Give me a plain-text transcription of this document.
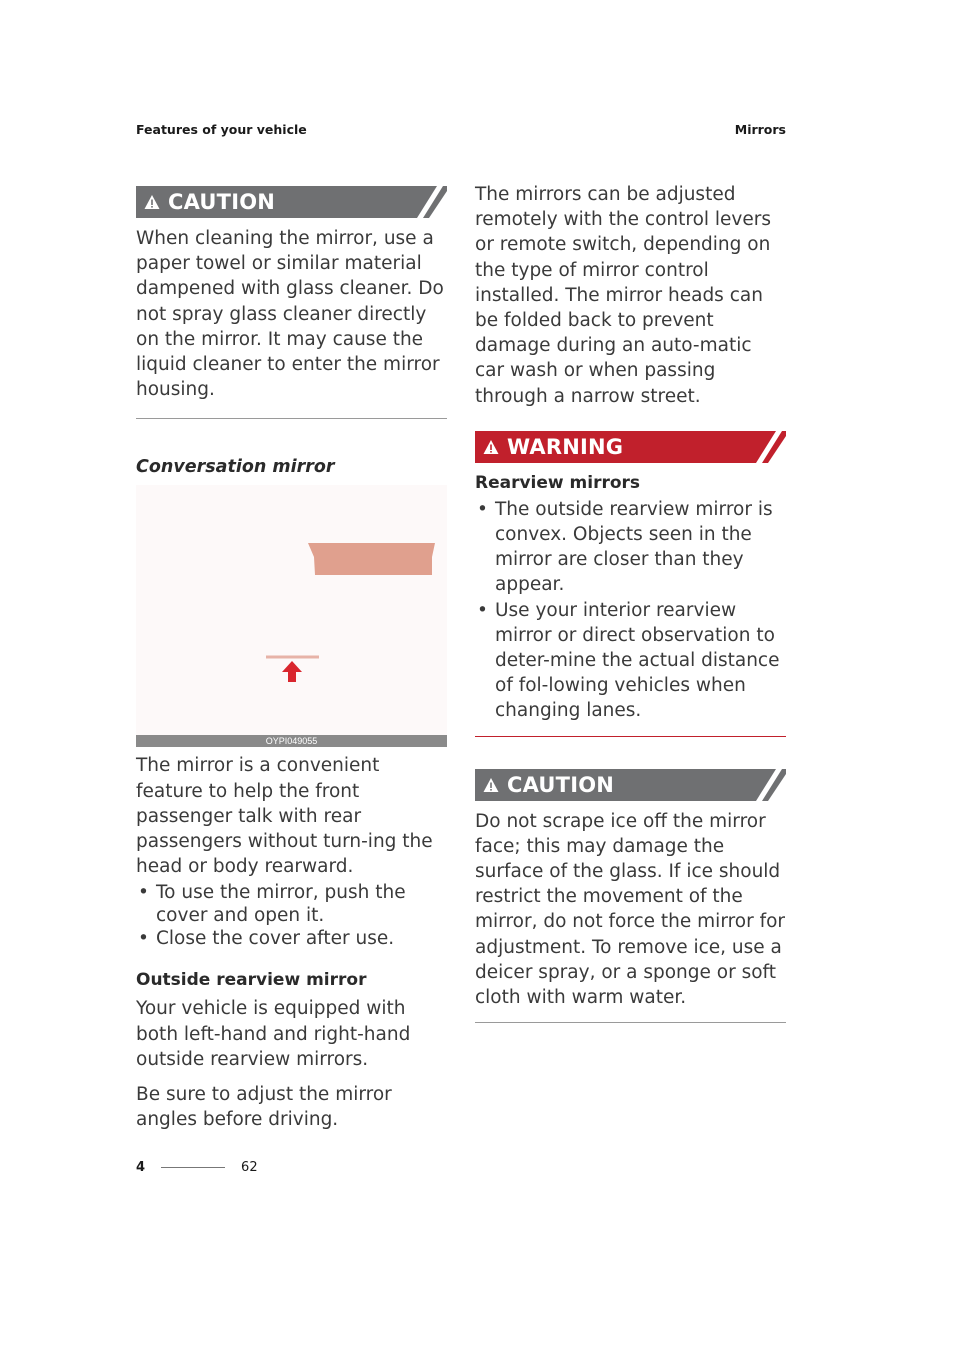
Features of your vehicle	Mirrors
CAUTION

When cleaning the mirror, use a paper towel or similar material dampened with glass cleaner. Do not spray glass cleaner directly on the mirror. It may cause the liquid cleaner to enter the mirror housing.

Conversation mirror
OYPI049055

The mirror is a convenient feature to help the front passenger talk with rear passengers without turn-ing the head or body rearward.

• To use the mirror, push the cover and open it.
• Close the cover after use.
Outside rearview mirror

Your vehicle is equipped with both left-hand and right-hand outside rearview mirrors.

Be sure to adjust the mirror angles before driving.

The mirrors can be adjusted remotely with the control levers or remote switch, depending on the type of mirror control installed. The mirror heads can be folded back to prevent damage during an auto-matic car wash or when passing through a narrow street.

WARNING
Rearview mirrors
• The outside rearview mirror is convex. Objects seen in the mirror are closer than they appear.
• Use your interior rearview mirror or direct observation to deter-mine the actual distance of fol-lowing vehicles when changing lanes.
CAUTION

Do not scrape ice off the mirror face; this may damage the surface of the glass. If ice should restrict the movement of the mirror, do not force the mirror for adjustment. To remove ice, use a deicer spray, or a sponge or soft cloth with warm water.

4	62
